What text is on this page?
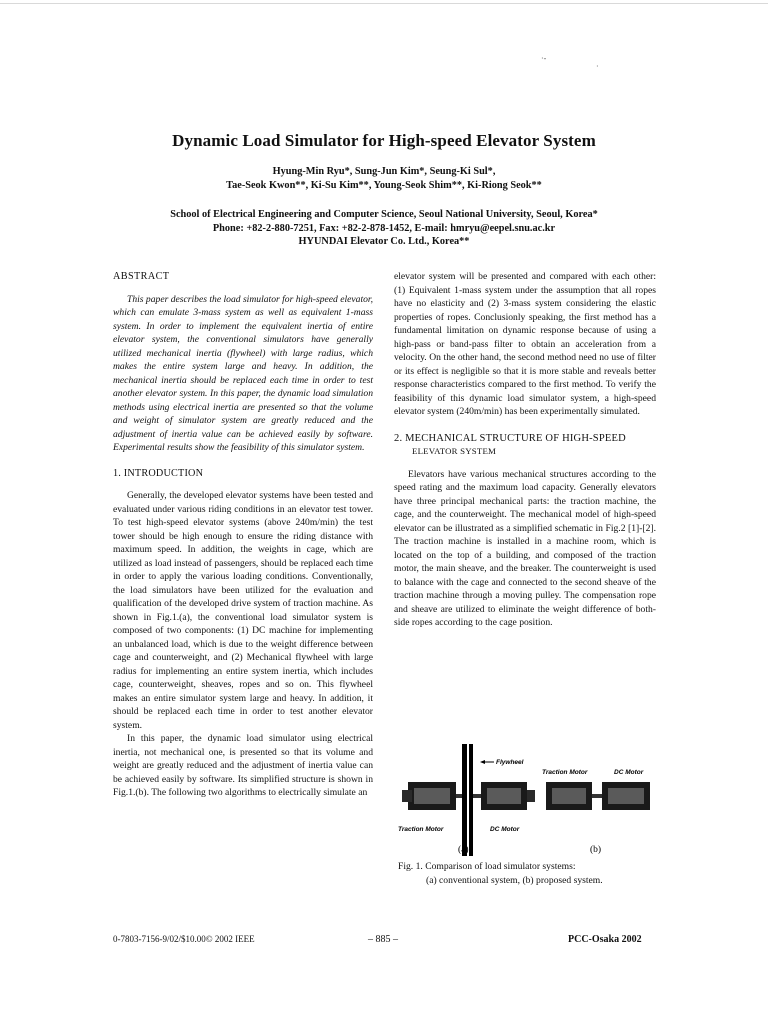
·-
·
Dynamic Load Simulator for High-speed Elevator System
Hyung-Min Ryu*, Sung-Jun Kim*, Seung-Ki Sul*,
Tae-Seok Kwon**, Ki-Su Kim**, Young-Seok Shim**, Ki-Riong Seok**
School of Electrical Engineering and Computer Science, Seoul National University, Seoul, Korea*
Phone: +82-2-880-7251, Fax: +82-2-878-1452, E-mail: hmryu@eepel.snu.ac.kr
HYUNDAI Elevator Co. Ltd., Korea**
ABSTRACT

This paper describes the load simulator for high-speed elevator, which can emulate 3-mass system as well as equivalent 1-mass system. In order to implement the equivalent inertia of entire elevator system, the conventional simulators have generally utilized mechanical inertia (flywheel) with large radius, which makes the entire system large and heavy. In addition, the mechanical inertia should be replaced each time in order to test another elevator system. In this paper, the dynamic load simulation methods using electrical inertia are presented so that the volume and weight of simulator system are greatly reduced and the adjustment of inertia value can be achieved easily by software. Experimental results show the feasibility of this simulator system.

1. INTRODUCTION

Generally, the developed elevator systems have been tested and evaluated under various riding conditions in an elevator test tower. To test high-speed elevator systems (above 240m/min) the test tower should be high enough to ensure the riding distance with maximum speed. In addition, the weights in cage, which are utilized as load instead of passengers, should be replaced each time in order to apply the various loading conditions. Conventionally, the load simulators have been utilized for the evaluation and qualification of the developed drive system of traction machine. As shown in Fig.1.(a), the conventional load simulator system is composed of two components: (1) DC machine for implementing an unbalanced load, which is due to the weight difference between cage and counterweight, and (2) Mechanical flywheel with large radius for implementing an entire system inertia, which includes cage, counterweight, sheaves, ropes and so on. This flywheel makes an entire simulator system large and heavy. In addition, it should be replaced each time in order to test another elevator system.

In this paper, the dynamic load simulator using electrical inertia, not mechanical one, is presented so that its volume and weight are greatly reduced and the adjustment of inertia value can be achieved easily by software. Its simplified structure is shown in Fig.1.(b). The following two algorithms to electrically simulate an

elevator system will be presented and compared with each other: (1) Equivalent 1-mass system under the assumption that all ropes have no elasticity and (2) 3-mass system considering the elastic properties of ropes. Conclusionly speaking, the first method has a fundamental limitation on dynamic response because of using a high-pass or band-pass filter to obtain an acceleration from a velocity. On the other hand, the second method need no use of filter or its effect is negligible so that it is more stable and reveals better response characteristics compared to the first method. To verify the feasibility of this dynamic load simulator system, a high-speed elevator system (240m/min) has been experimentally simulated.

2. MECHANICAL STRUCTURE OF HIGH-SPEED
ELEVATOR SYSTEM

Elevators have various mechanical structures according to the speed rating and the maximum load capacity. Generally elevators have three principal mechanical parts: the traction machine, the cage, and the counterweight. The mechanical model of high-speed elevator can be illustrated as a simplified schematic in Fig.2 [1]-[2]. The traction machine is installed in a machine room, which is located on the top of a building, and composed of the traction motor, the main sheave, and the breaker. The counterweight is used to balance with the cage and connected to the second sheave of the traction machine through a moving pulley. The compensation rope and sheave are utilized to eliminate the weight difference of both-side ropes according to the cage position.

Flywheel
Traction Motor	DC Motor
Traction Motor	DC Motor
(a)	(b)
Fig. 1. Comparison of load simulator systems:
(a) conventional system, (b) proposed system.
0-7803-7156-9/02/$10.00© 2002 IEEE	– 885 –	PCC-Osaka 2002
